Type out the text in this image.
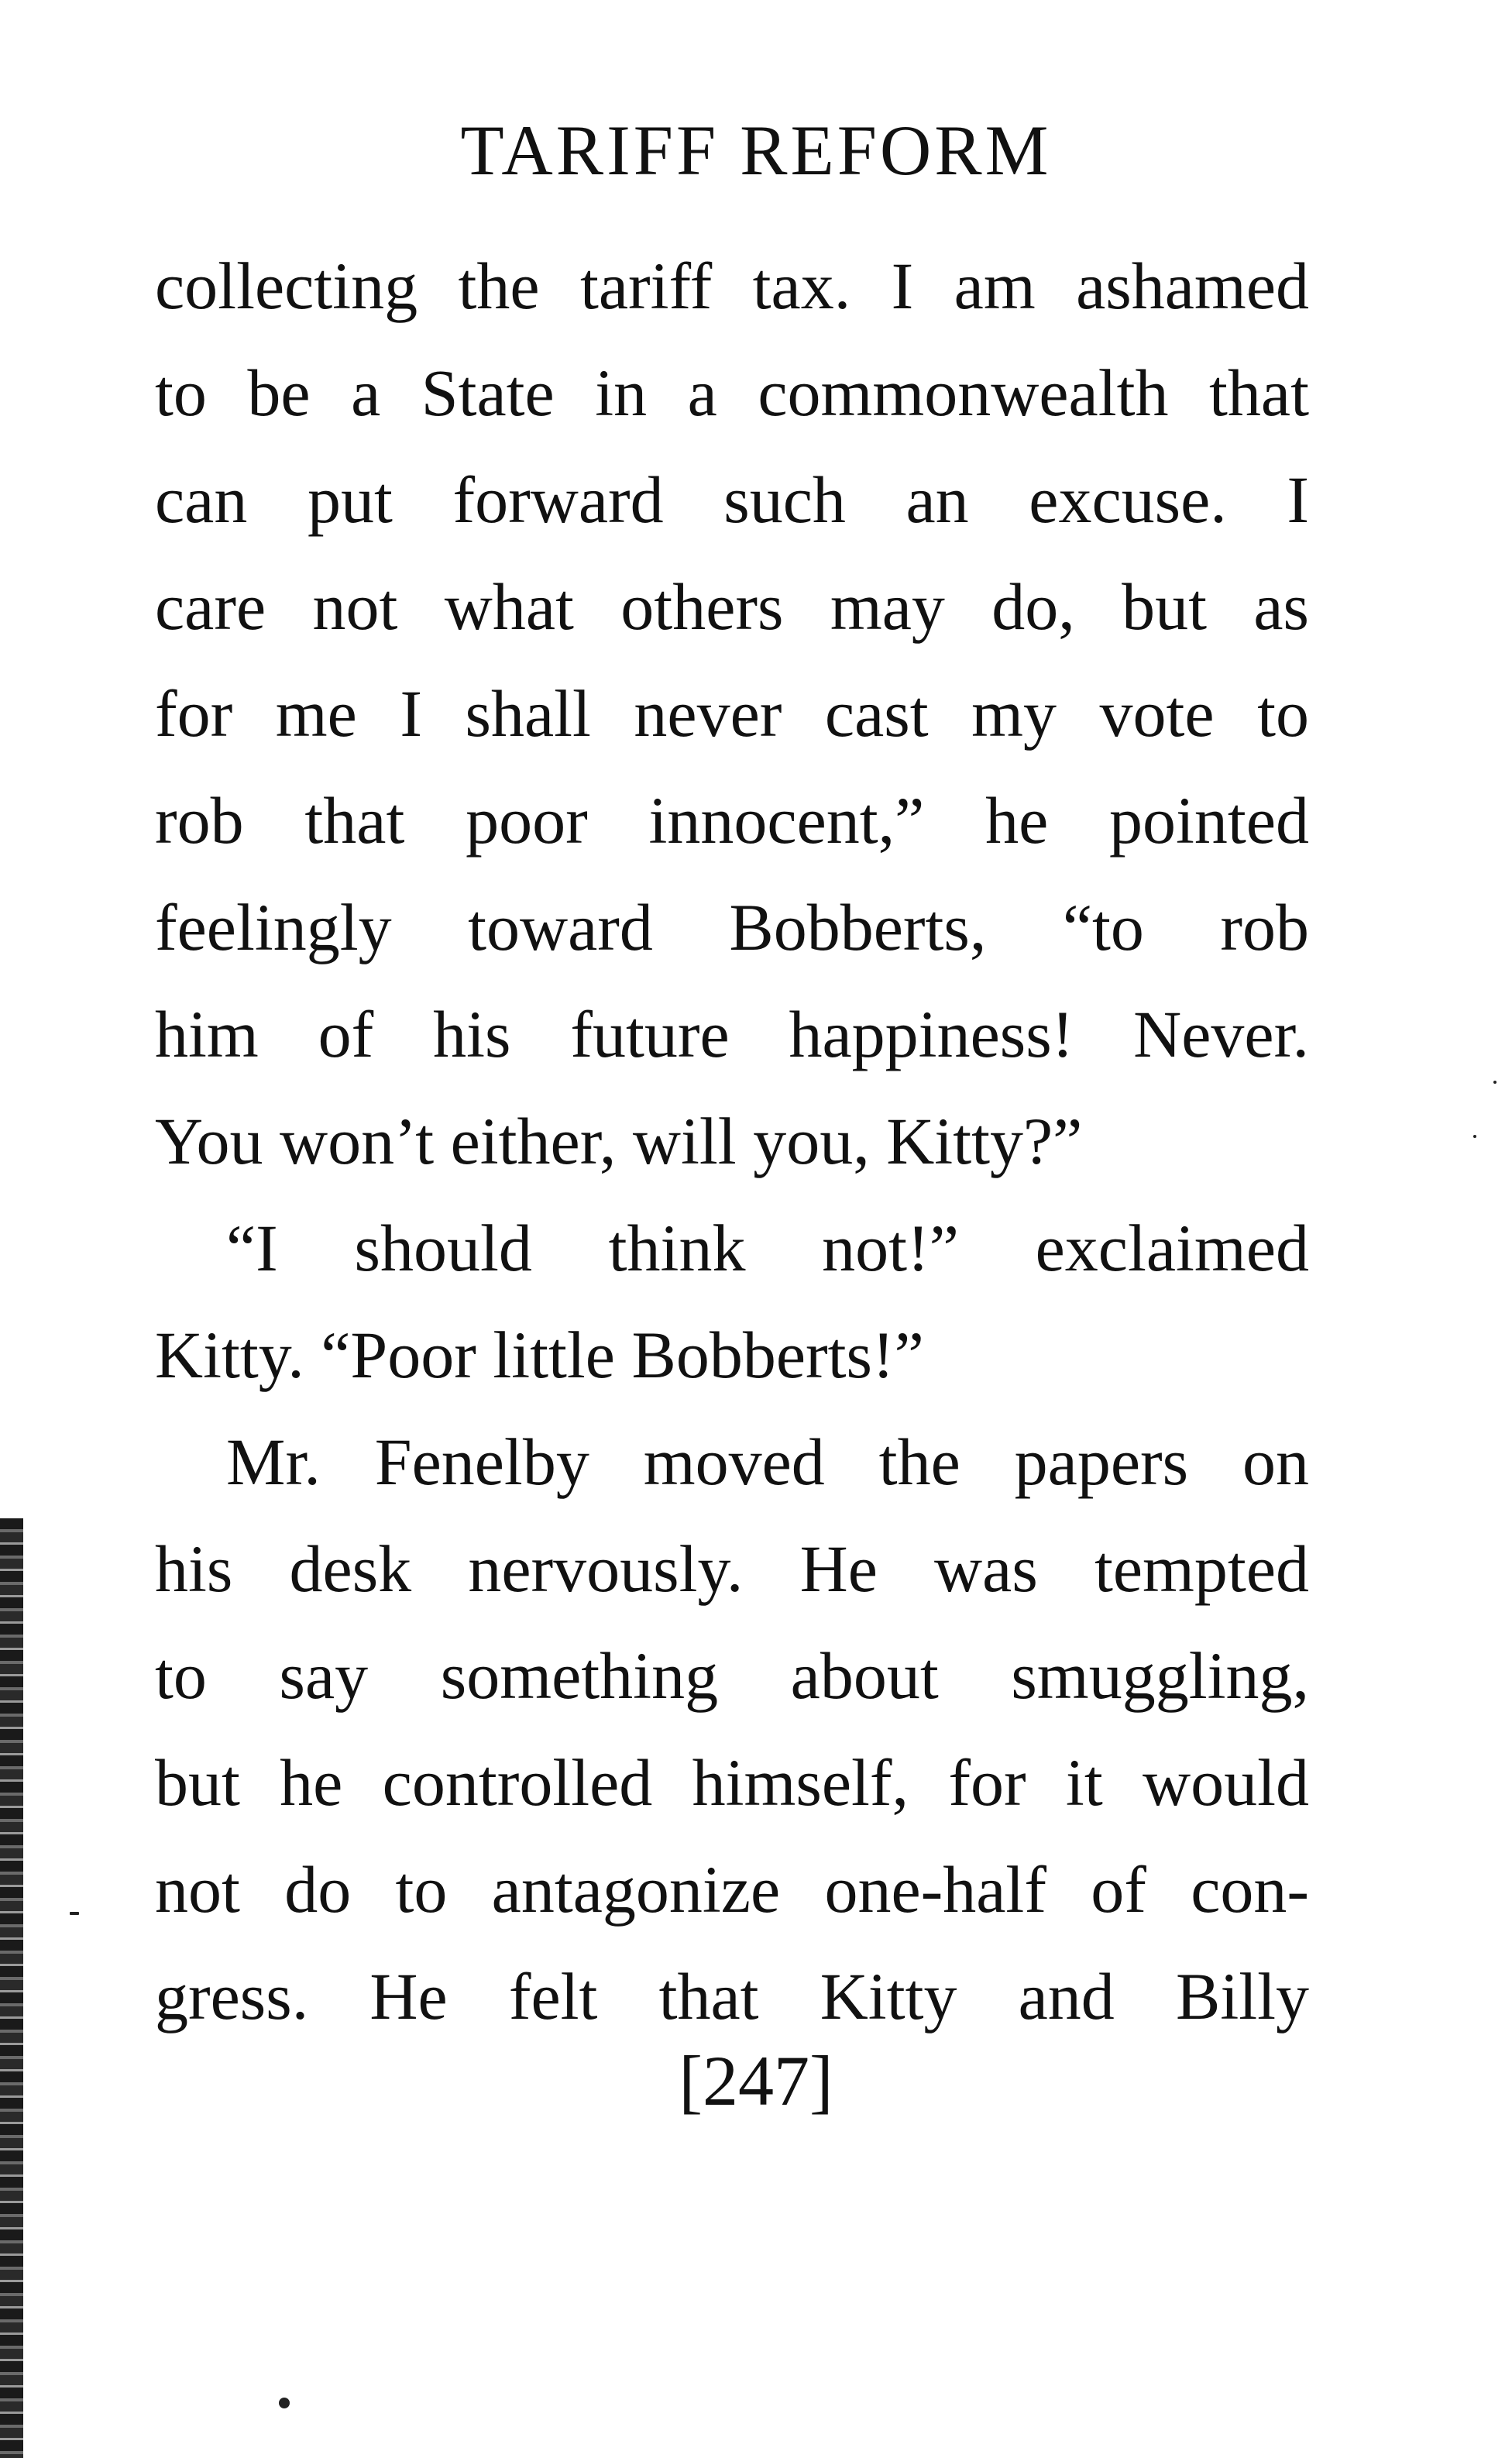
TARIFF REFORM
collecting the tariff tax. I am ashamed
to be a State in a commonwealth that
can put forward such an excuse. I
care not what others may do, but as
for me I shall never cast my vote to
rob that poor innocent,” he pointed
feelingly toward Bobberts, “to rob
him of his future happiness! Never.
You won’t either, will you, Kitty?”
“I should think not!” exclaimed
Kitty. “Poor little Bobberts!”
Mr. Fenelby moved the papers on
his desk nervously. He was tempted
to say something about smuggling,
but he controlled himself, for it would
not do to antagonize one-half of con-
gress. He felt that Kitty and Billy
[247]
